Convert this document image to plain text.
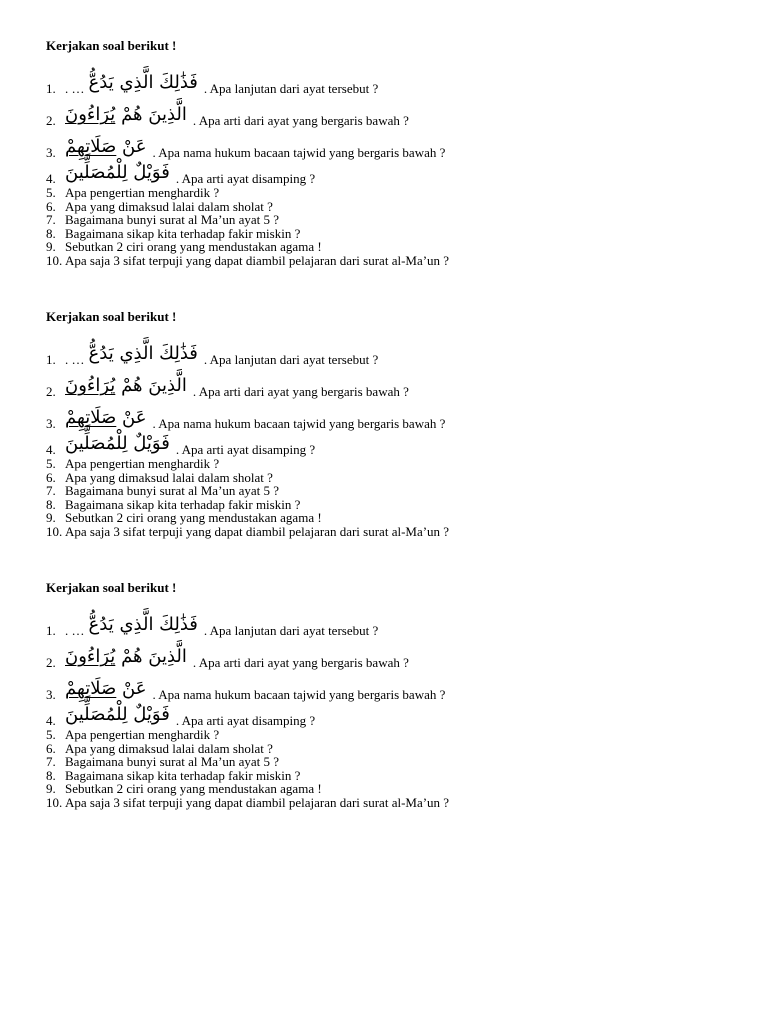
Kerjakan soal berikut !
1. . …	فَذَٰلِكَ الَّذِي يَدُعُّ	. Apa lanjutan dari ayat tersebut ?
2.	الَّذِينَ هُمْ يُرَاءُونَ	. Apa arti dari ayat yang bergaris bawah ?
3.	عَنْ صَلَاتِهِمْ	. Apa nama hukum bacaan tajwid yang bergaris bawah ?
4. فَوَيْلٌ لِلْمُصَلِّينَ . Apa arti ayat disamping ?
5. Apa pengertian menghardik ?
6. Apa yang dimaksud lalai dalam sholat ?
7. Bagaimana bunyi surat al Ma’un ayat 5 ?
8. Bagaimana sikap kita terhadap fakir miskin ?
9. Sebutkan 2 ciri orang yang mendustakan agama !
10. Apa saja 3 sifat terpuji yang dapat diambil pelajaran dari surat al-Ma’un ?
Kerjakan soal berikut !
1. . …	فَذَٰلِكَ الَّذِي يَدُعُّ	. Apa lanjutan dari ayat tersebut ?
2.	الَّذِينَ هُمْ يُرَاءُونَ	. Apa arti dari ayat yang bergaris bawah ?
3.	عَنْ صَلَاتِهِمْ	. Apa nama hukum bacaan tajwid yang bergaris bawah ?
4. فَوَيْلٌ لِلْمُصَلِّينَ . Apa arti ayat disamping ?
5. Apa pengertian menghardik ?
6. Apa yang dimaksud lalai dalam sholat ?
7. Bagaimana bunyi surat al Ma’un ayat 5 ?
8. Bagaimana sikap kita terhadap fakir miskin ?
9. Sebutkan 2 ciri orang yang mendustakan agama !
10. Apa saja 3 sifat terpuji yang dapat diambil pelajaran dari surat al-Ma’un ?
Kerjakan soal berikut !
1. . …	فَذَٰلِكَ الَّذِي يَدُعُّ	. Apa lanjutan dari ayat tersebut ?
2.	الَّذِينَ هُمْ يُرَاءُونَ	. Apa arti dari ayat yang bergaris bawah ?
3.	عَنْ صَلَاتِهِمْ	. Apa nama hukum bacaan tajwid yang bergaris bawah ?
4. فَوَيْلٌ لِلْمُصَلِّينَ . Apa arti ayat disamping ?
5. Apa pengertian menghardik ?
6. Apa yang dimaksud lalai dalam sholat ?
7. Bagaimana bunyi surat al Ma’un ayat 5 ?
8. Bagaimana sikap kita terhadap fakir miskin ?
9. Sebutkan 2 ciri orang yang mendustakan agama !
10. Apa saja 3 sifat terpuji yang dapat diambil pelajaran dari surat al-Ma’un ?
